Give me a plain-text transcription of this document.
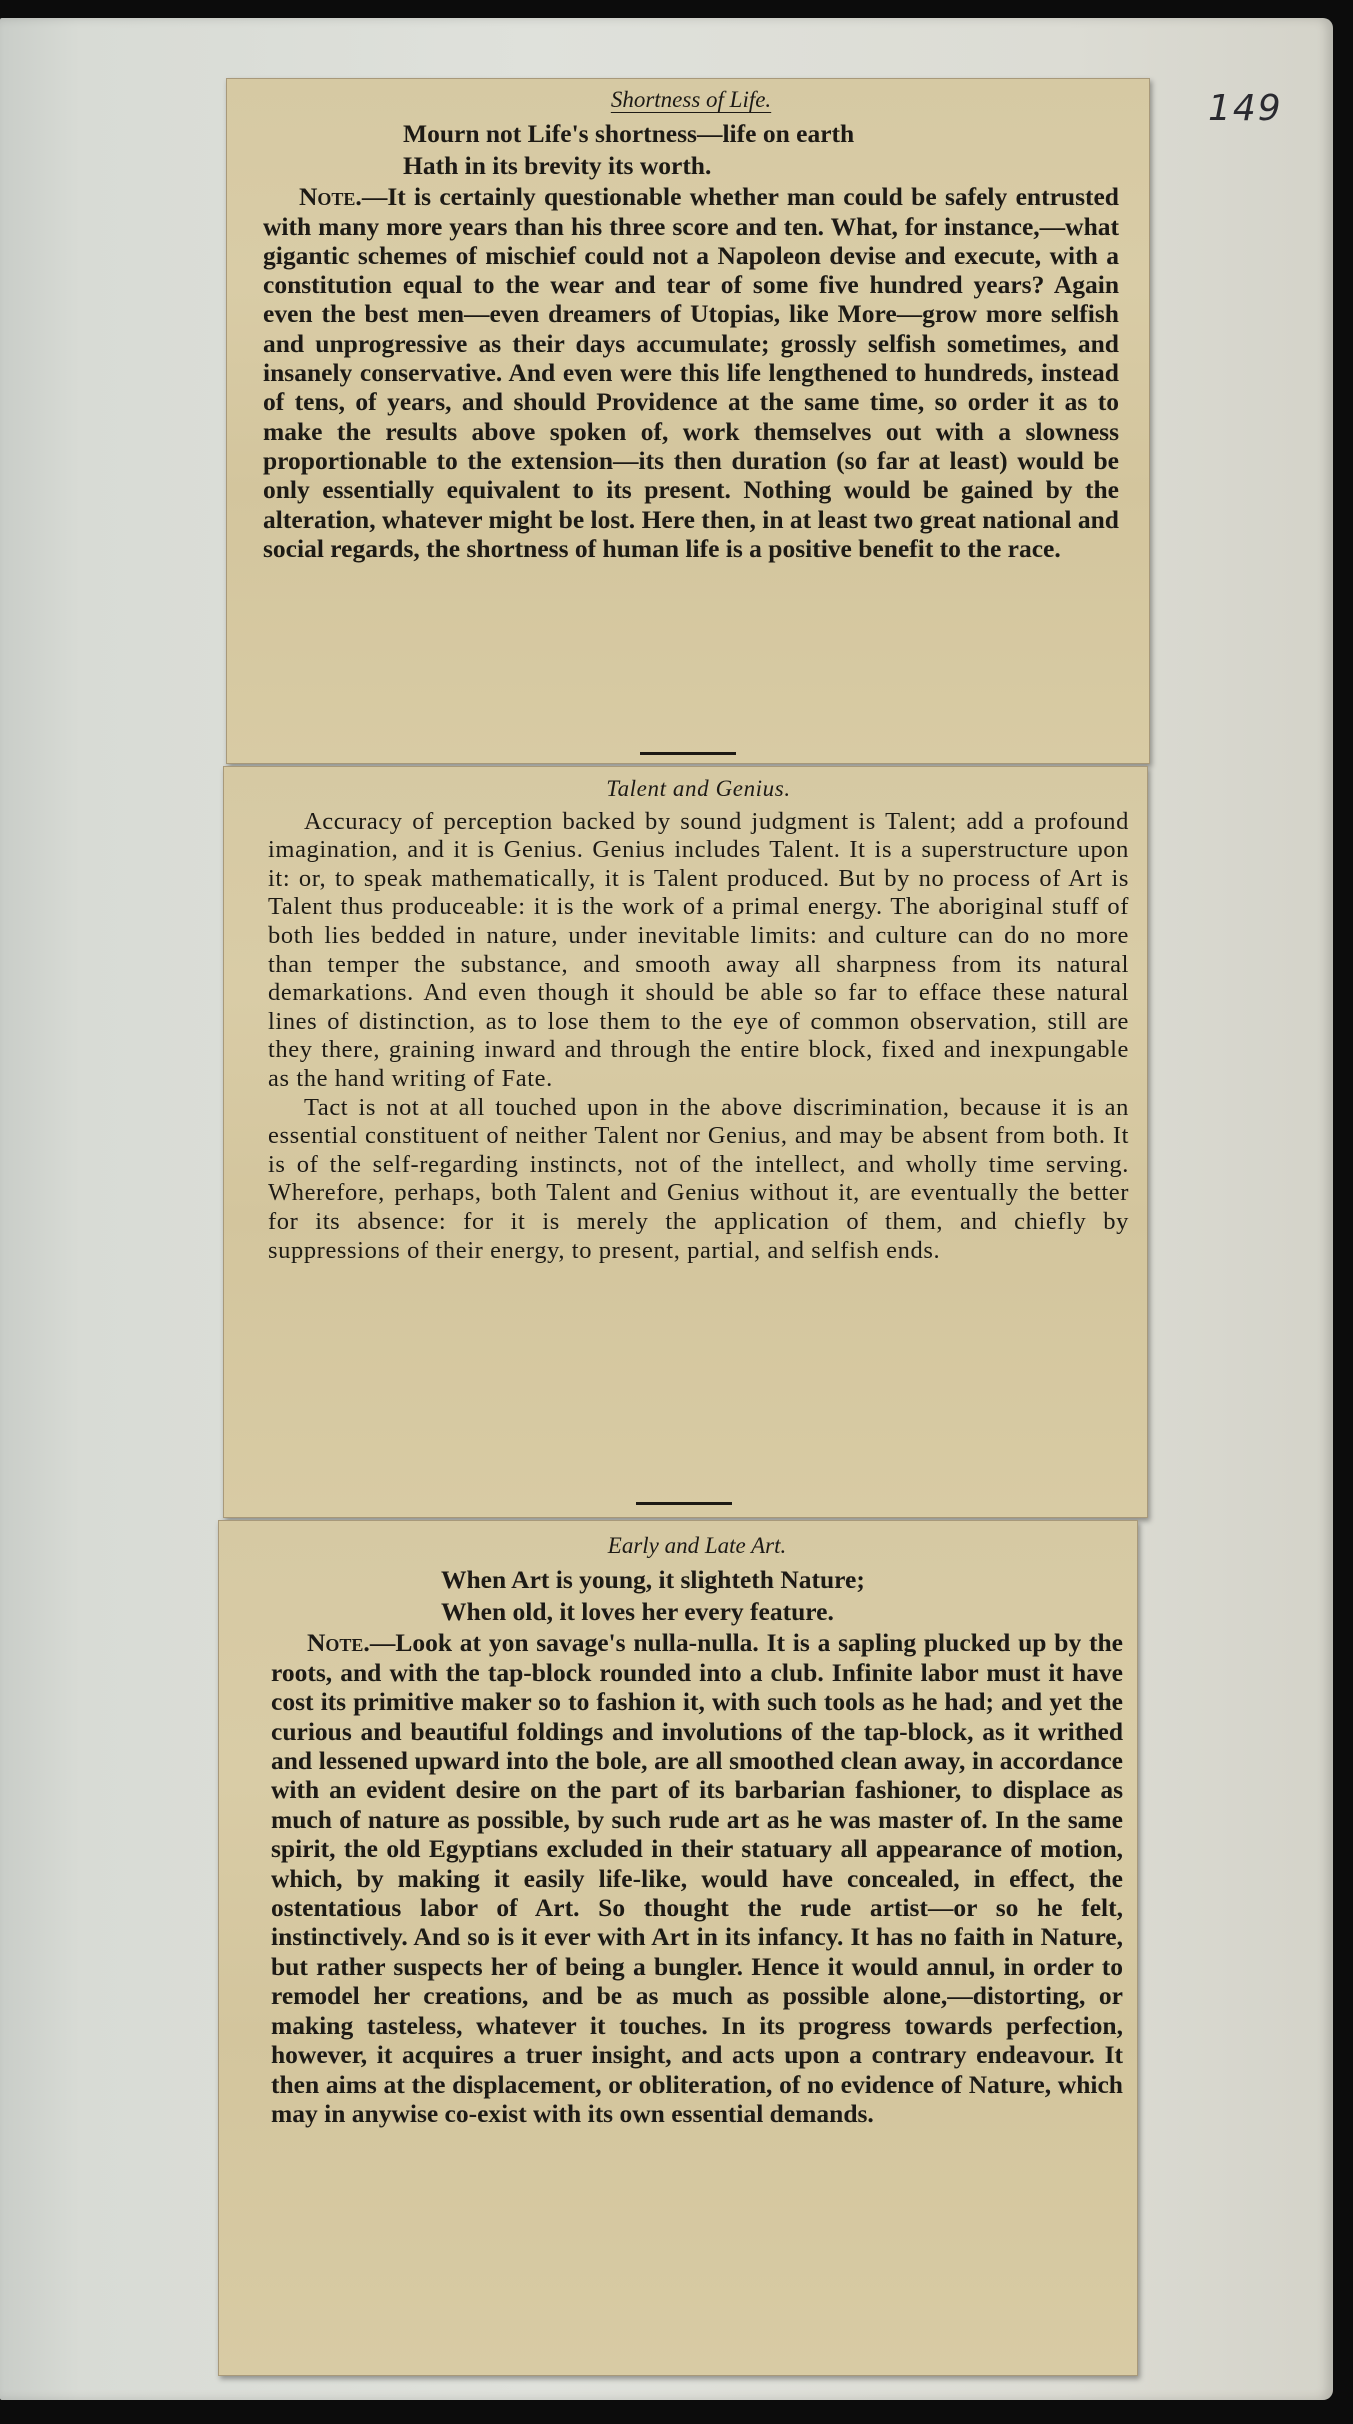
149
Shortness of Life.
Mourn not Life's shortness—life on earth
Hath in its brevity its worth.

Note.—It is certainly questionable whether man could be safely entrusted with many more years than his three score and ten. What, for instance,—what gigantic schemes of mischief could not a Napoleon devise and execute, with a constitution equal to the wear and tear of some five hundred years? Again even the best men—even dreamers of Utopias, like More—grow more selfish and unprogressive as their days accumulate; grossly selfish sometimes, and insanely conservative. And even were this life lengthened to hundreds, instead of tens, of years, and should Providence at the same time, so order it as to make the results above spoken of, work themselves out with a slowness proportionable to the extension—its then duration (so far at least) would be only essentially equivalent to its present. Nothing would be gained by the alteration, whatever might be lost. Here then, in at least two great national and social regards, the shortness of human life is a positive benefit to the race.

Talent and Genius.

Accuracy of perception backed by sound judgment is Talent; add a profound imagination, and it is Genius. Genius includes Talent. It is a superstructure upon it: or, to speak mathematically, it is Talent produced. But by no process of Art is Talent thus produceable: it is the work of a primal energy. The aboriginal stuff of both lies bedded in nature, under inevitable limits: and culture can do no more than temper the substance, and smooth away all sharpness from its natural demarkations. And even though it should be able so far to efface these natural lines of distinction, as to lose them to the eye of common observation, still are they there, graining inward and through the entire block, fixed and inexpungable as the hand writing of Fate.

Tact is not at all touched upon in the above discrimination, because it is an essential constituent of neither Talent nor Genius, and may be absent from both. It is of the self-regarding instincts, not of the intellect, and wholly time serving. Wherefore, perhaps, both Talent and Genius without it, are eventually the better for its absence: for it is merely the application of them, and chiefly by suppressions of their energy, to present, partial, and selfish ends.

Early and Late Art.
When Art is young, it slighteth Nature;
When old, it loves her every feature.

Note.—Look at yon savage's nulla-nulla. It is a sapling plucked up by the roots, and with the tap-block rounded into a club. Infinite labor must it have cost its primitive maker so to fashion it, with such tools as he had; and yet the curious and beautiful foldings and involutions of the tap-block, as it writhed and lessened upward into the bole, are all smoothed clean away, in accordance with an evident desire on the part of its barbarian fashioner, to displace as much of nature as possible, by such rude art as he was master of. In the same spirit, the old Egyptians excluded in their statuary all appearance of motion, which, by making it easily life-like, would have concealed, in effect, the ostentatious labor of Art. So thought the rude artist—or so he felt, instinctively. And so is it ever with Art in its infancy. It has no faith in Nature, but rather suspects her of being a bungler. Hence it would annul, in order to remodel her creations, and be as much as possible alone,—distorting, or making tasteless, whatever it touches. In its progress towards perfection, however, it acquires a truer insight, and acts upon a contrary endeavour. It then aims at the displacement, or obliteration, of no evidence of Nature, which may in anywise co-exist with its own essential demands.
